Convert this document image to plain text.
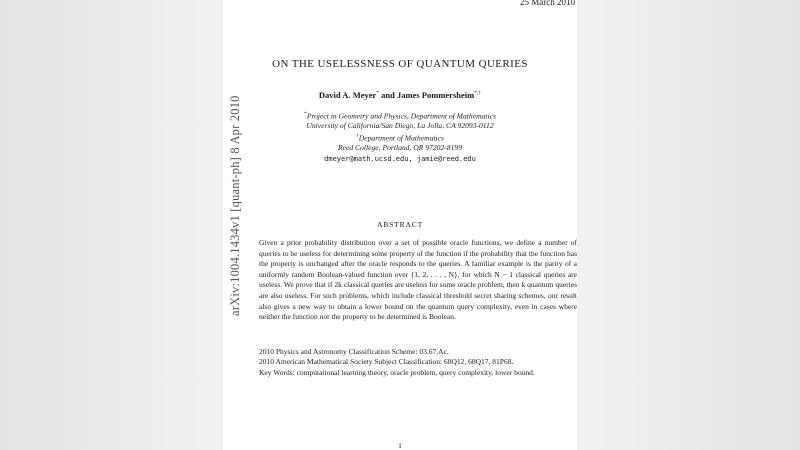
25 March 2010
arXiv:1004.1434v1 [quant-ph] 8 Apr 2010
ON THE USELESSNESS OF QUANTUM QUERIES
David A. Meyer* and James Pommersheim*,†
*Project in Geometry and Physics, Department of Mathematics
University of California/San Diego, La Jolla, CA 92093-0112
†Department of Mathematics
Reed College, Portland, OR 97202-8199
dmeyer@math.ucsd.edu, jamie@reed.edu
ABSTRACT
Given a prior probability distribution over a set of possible oracle functions, we define a number of queries to be useless for determining some property of the function if the probability that the function has the property is unchanged after the oracle responds to the queries. A familiar example is the parity of a uniformly random Boolean-valued function over {1, 2, . . . , N}, for which N − 1 classical queries are useless. We prove that if 2k classical queries are useless for some oracle problem, then k quantum queries are also useless. For such problems, which include classical threshold secret sharing schemes, our result also gives a new way to obtain a lower bound on the quantum query complexity, even in cases where neither the function nor the property to be determined is Boolean.
2010 Physics and Astronomy Classification Scheme: 03.67.Ac.
2010 American Mathematical Society Subject Classification: 68Q12, 68Q17, 81P68.
Key Words: computational learning theory, oracle problem, query complexity, lower bound.
1
